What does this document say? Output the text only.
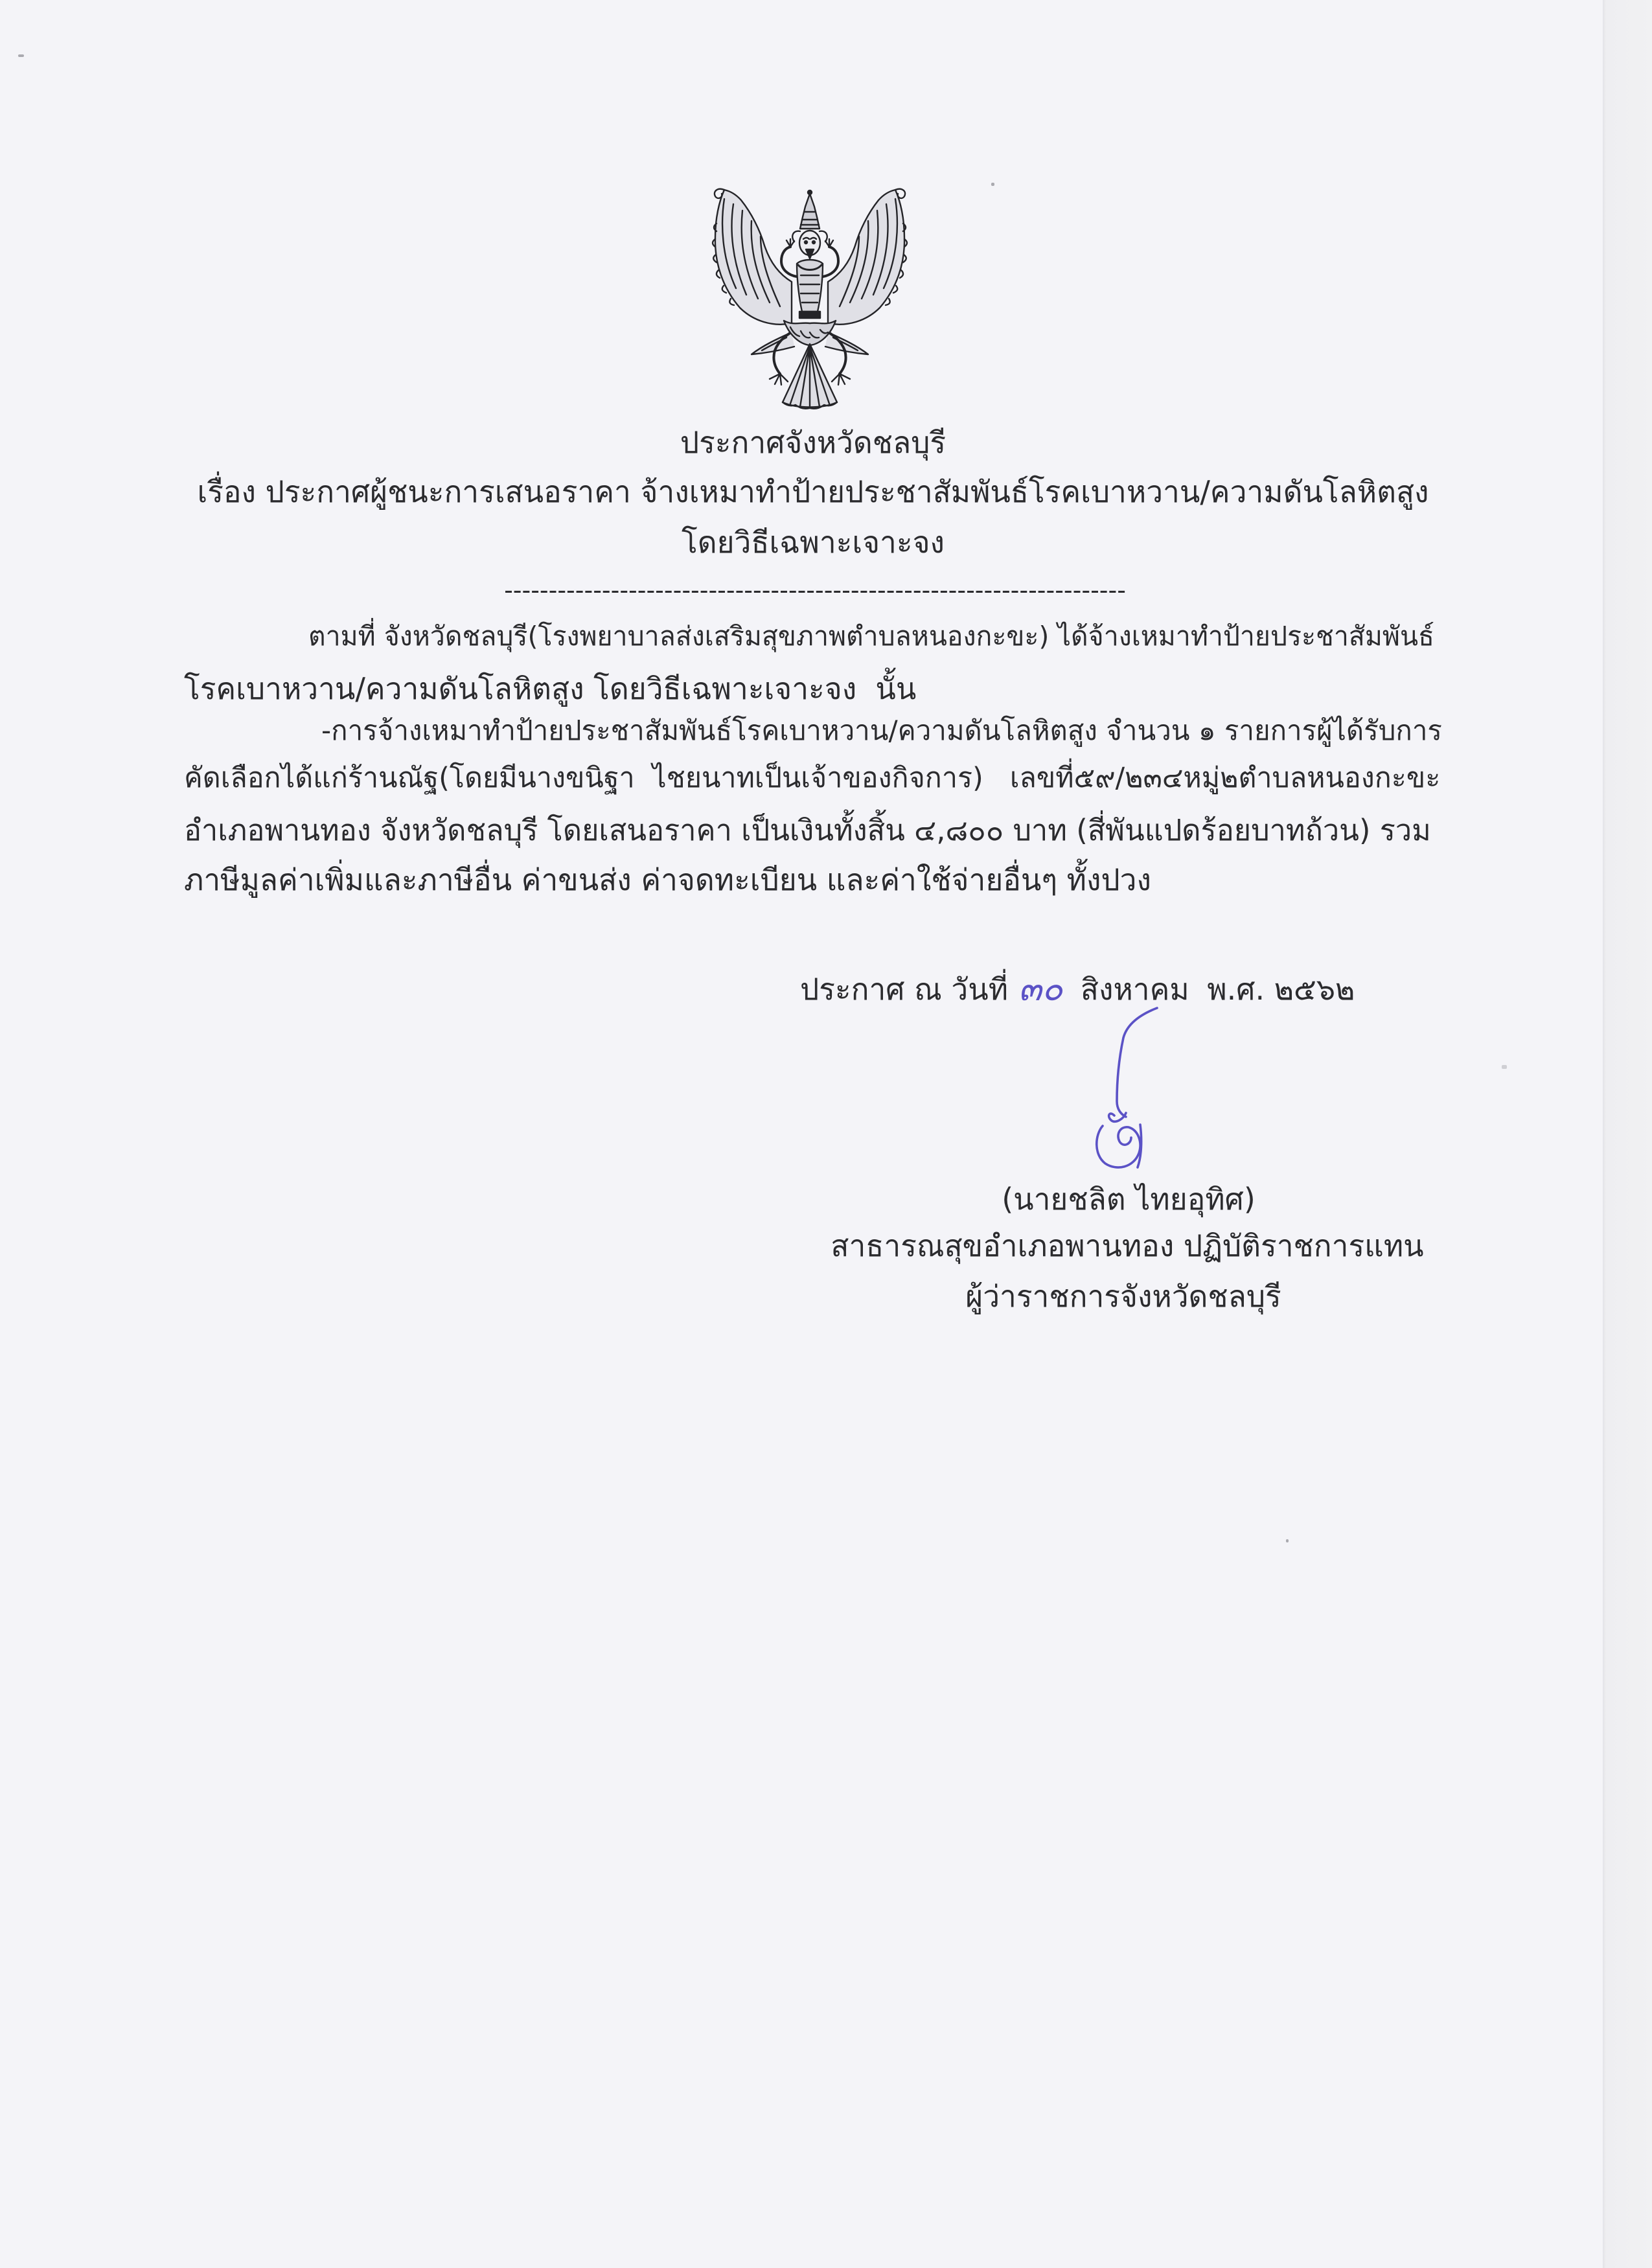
ประกาศจังหวัดชลบุรี
เรื่อง ประกาศผู้ชนะการเสนอราคา จ้างเหมาทำป้ายประชาสัมพันธ์โรคเบาหวาน/ความดันโลหิตสูง
โดยวิธีเฉพาะเจาะจง
----------------------------------------------------------------------
ตามที่ จังหวัดชลบุรี(โรงพยาบาลส่งเสริมสุขภาพตำบลหนองกะขะ) ได้จ้างเหมาทำป้ายประชาสัมพันธ์
โรคเบาหวาน/ความดันโลหิตสูง โดยวิธีเฉพาะเจาะจง  นั้น
-การจ้างเหมาทำป้ายประชาสัมพันธ์โรคเบาหวาน/ความดันโลหิตสูง จำนวน ๑ รายการผู้ได้รับการ
คัดเลือกได้แก่ร้านณัฐ(โดยมีนางขนิฐา  ไชยนาทเป็นเจ้าของกิจการ)   เลขที่๕๙/๒๓๔หมู่๒ตำบลหนองกะขะ
อำเภอพานทอง จังหวัดชลบุรี โดยเสนอราคา เป็นเงินทั้งสิ้น ๔,๘๐๐ บาท (สี่พันแปดร้อยบาทถ้วน) รวม
ภาษีมูลค่าเพิ่มและภาษีอื่น ค่าขนส่ง ค่าจดทะเบียน และค่าใช้จ่ายอื่นๆ ทั้งปวง
ประกาศ ณ วันที่ ๓๐ สิงหาคม พ.ศ. ๒๕๖๒
(นายชลิต ไทยอุทิศ)
สาธารณสุขอำเภอพานทอง ปฏิบัติราชการแทน
ผู้ว่าราชการจังหวัดชลบุรี
